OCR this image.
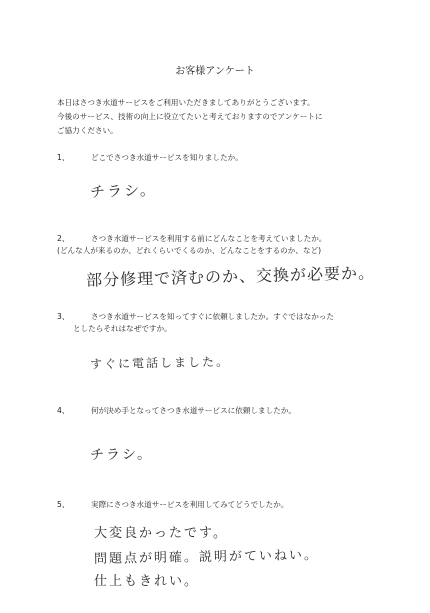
お客様アンケート
本日はさつき水道サービスをご利用いただきましてありがとうございます。
今後のサービス、技術の向上に役立てたいと考えておりますのでアンケートに
ご協力ください。
1、	どこでさつき水道サービスを知りましたか。
チラシ。
2、	さつき水道サービスを利用する前にどんなことを考えていましたか。
(どんな人が来るのか、どれくらいでくるのか、どんなことをするのか、など)
部分修理で済むのか、交換が必要か。
3、	さつき水道サービスを知ってすぐに依頼しましたか。すぐではなかった
としたらそれはなぜですか。
すぐに電話しました。
4、	何が決め手となってさつき水道サービスに依頼しましたか。
チラシ。
5、	実際にさつき水道サービスを利用してみてどうでしたか。
大変良かったです。
問題点が明確。説明がていねい。
仕上もきれい。
